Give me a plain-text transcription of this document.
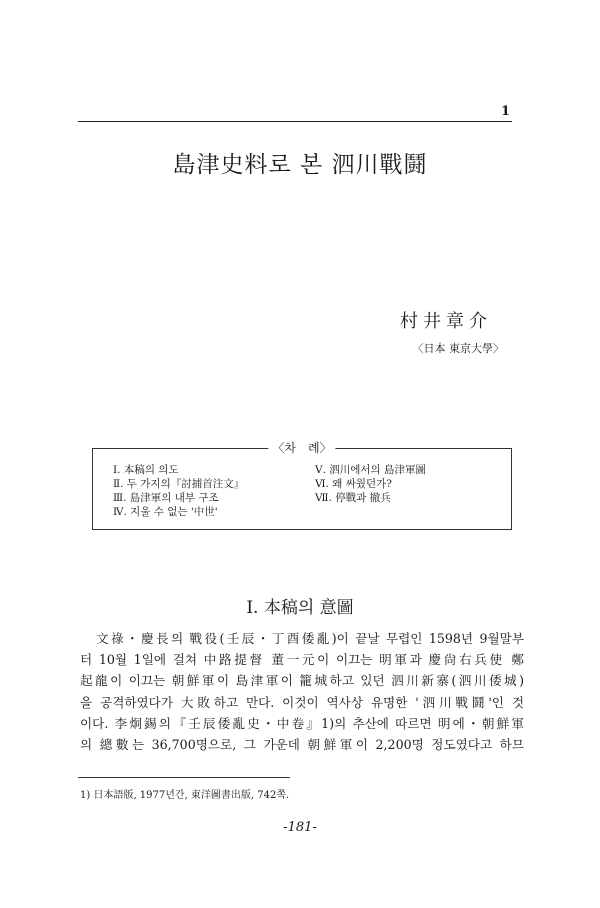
1
島津史料로 본 泗川戰鬪
村井章介
〈日本 東京大學〉
〈차　례〉
Ⅰ. 本稿의 의도
Ⅱ. 두 가지의『討捕首注文』
Ⅲ. 島津軍의 내부 구조
Ⅳ. 지울 수 없는 '中世'
Ⅴ. 泗川에서의 島津軍圖
Ⅵ. 왜 싸웠던가?
Ⅶ. 停戰과 撤兵
Ⅰ. 本稿의 意圖
文祿・慶長의 戰役(壬辰・丁酉倭亂)이 끝날 무렵인 1598년 9월말부
터 10월 1일에 걸쳐 中路提督 董一元이 이끄는 明軍과 慶尙右兵使 鄭
起龍이 이끄는 朝鮮軍이 島津軍이 籠城하고 있던 泗川新寨(泗川倭城)
을 공격하였다가 大敗하고 만다. 이것이 역사상 유명한 '泗川戰鬪'인 것
이다. 李炯錫의『壬辰倭亂史・中卷』1)의 추산에 따르면 明에・朝鮮軍
의 總數는 36,700명으로, 그 가운데 朝鮮軍이 2,200명 정도였다고 하므
1) 日本語版, 1977년간, 東洋圖書出版, 742쪽.
-181-
